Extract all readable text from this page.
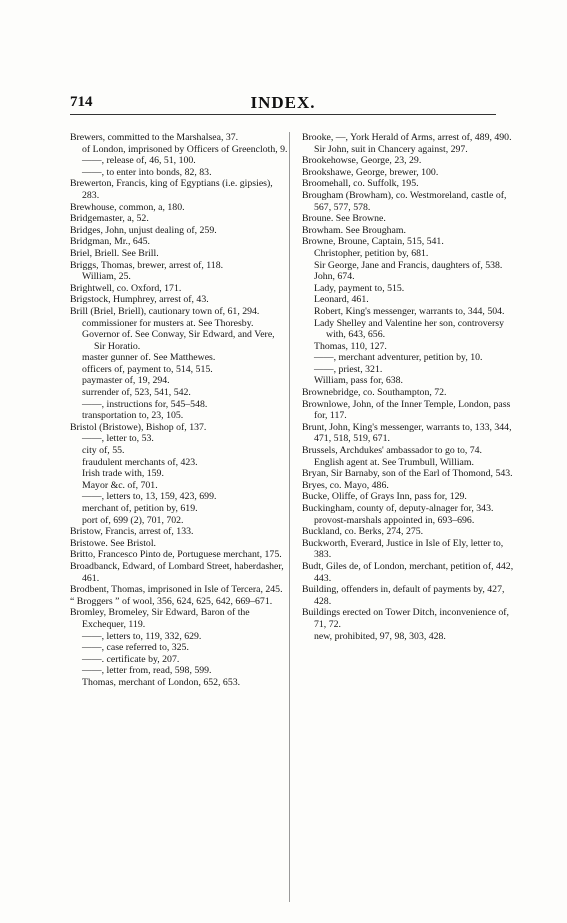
714	INDEX.

Brewers, committed to the Marshalsea, 37.

of London, imprisoned by Officers of Greencloth, 9.

——, release of, 46, 51, 100.

——, to enter into bonds, 82, 83.

Brewerton, Francis, king of Egyptians (i.e. gipsies), 283.

Brewhouse, common, a, 180.

Bridgemaster, a, 52.

Bridges, John, unjust dealing of, 259.

Bridgman, Mr., 645.

Briel, Briell. See Brill.

Briggs, Thomas, brewer, arrest of, 118.

William, 25.

Brightwell, co. Oxford, 171.

Brigstock, Humphrey, arrest of, 43.

Brill (Briel, Briell), cautionary town of, 61, 294.

commissioner for musters at. See Thoresby.

Governor of. See Conway, Sir Edward, and Vere, Sir Horatio.

master gunner of. See Matthewes.

officers of, payment to, 514, 515.

paymaster of, 19, 294.

surrender of, 523, 541, 542.

——, instructions for, 545–548.

transportation to, 23, 105.

Bristol (Bristowe), Bishop of, 137.

——, letter to, 53.

city of, 55.

fraudulent merchants of, 423.

Irish trade with, 159.

Mayor &c. of, 701.

——, letters to, 13, 159, 423, 699.

merchant of, petition by, 619.

port of, 699 (2), 701, 702.

Bristow, Francis, arrest of, 133.

Bristowe. See Bristol.

Britto, Francesco Pinto de, Portuguese merchant, 175.

Broadbanck, Edward, of Lombard Street, haberdasher, 461.

Brodbent, Thomas, imprisoned in Isle of Tercera, 245.

“ Broggers ” of wool, 356, 624, 625, 642, 669–671.

Bromley, Bromeley, Sir Edward, Baron of the Exchequer, 119.

——, letters to, 119, 332, 629.

——, case referred to, 325.

——. certificate by, 207.

——, letter from, read, 598, 599.

Thomas, merchant of London, 652, 653.

Brooke, —, York Herald of Arms, arrest of, 489, 490.

Sir John, suit in Chancery against, 297.

Brookehowse, George, 23, 29.

Brookshawe, George, brewer, 100.

Broomehall, co. Suffolk, 195.

Brougham (Browham), co. Westmoreland, castle of, 567, 577, 578.

Broune. See Browne.

Browham. See Brougham.

Browne, Broune, Captain, 515, 541.

Christopher, petition by, 681.

Sir George, Jane and Francis, daughters of, 538.

John, 674.

Lady, payment to, 515.

Leonard, 461.

Robert, King's messenger, warrants to, 344, 504.

Lady Shelley and Valentine her son, controversy with, 643, 656.

Thomas, 110, 127.

——, merchant adventurer, petition by, 10.

——, priest, 321.

William, pass for, 638.

Brownebridge, co. Southampton, 72.

Brownlowe, John, of the Inner Temple, London, pass for, 117.

Brunt, John, King's messenger, warrants to, 133, 344, 471, 518, 519, 671.

Brussels, Archdukes' ambassador to go to, 74.

English agent at. See Trumbull, William.

Bryan, Sir Barnaby, son of the Earl of Thomond, 543.

Bryes, co. Mayo, 486.

Bucke, Oliffe, of Grays Inn, pass for, 129.

Buckingham, county of, deputy-alnager for, 343.

provost-marshals appointed in, 693–696.

Buckland, co. Berks, 274, 275.

Buckworth, Everard, Justice in Isle of Ely, letter to, 383.

Budt, Giles de, of London, merchant, petition of, 442, 443.

Building, offenders in, default of payments by, 427, 428.

Buildings erected on Tower Ditch, inconvenience of, 71, 72.

new, prohibited, 97, 98, 303, 428.
